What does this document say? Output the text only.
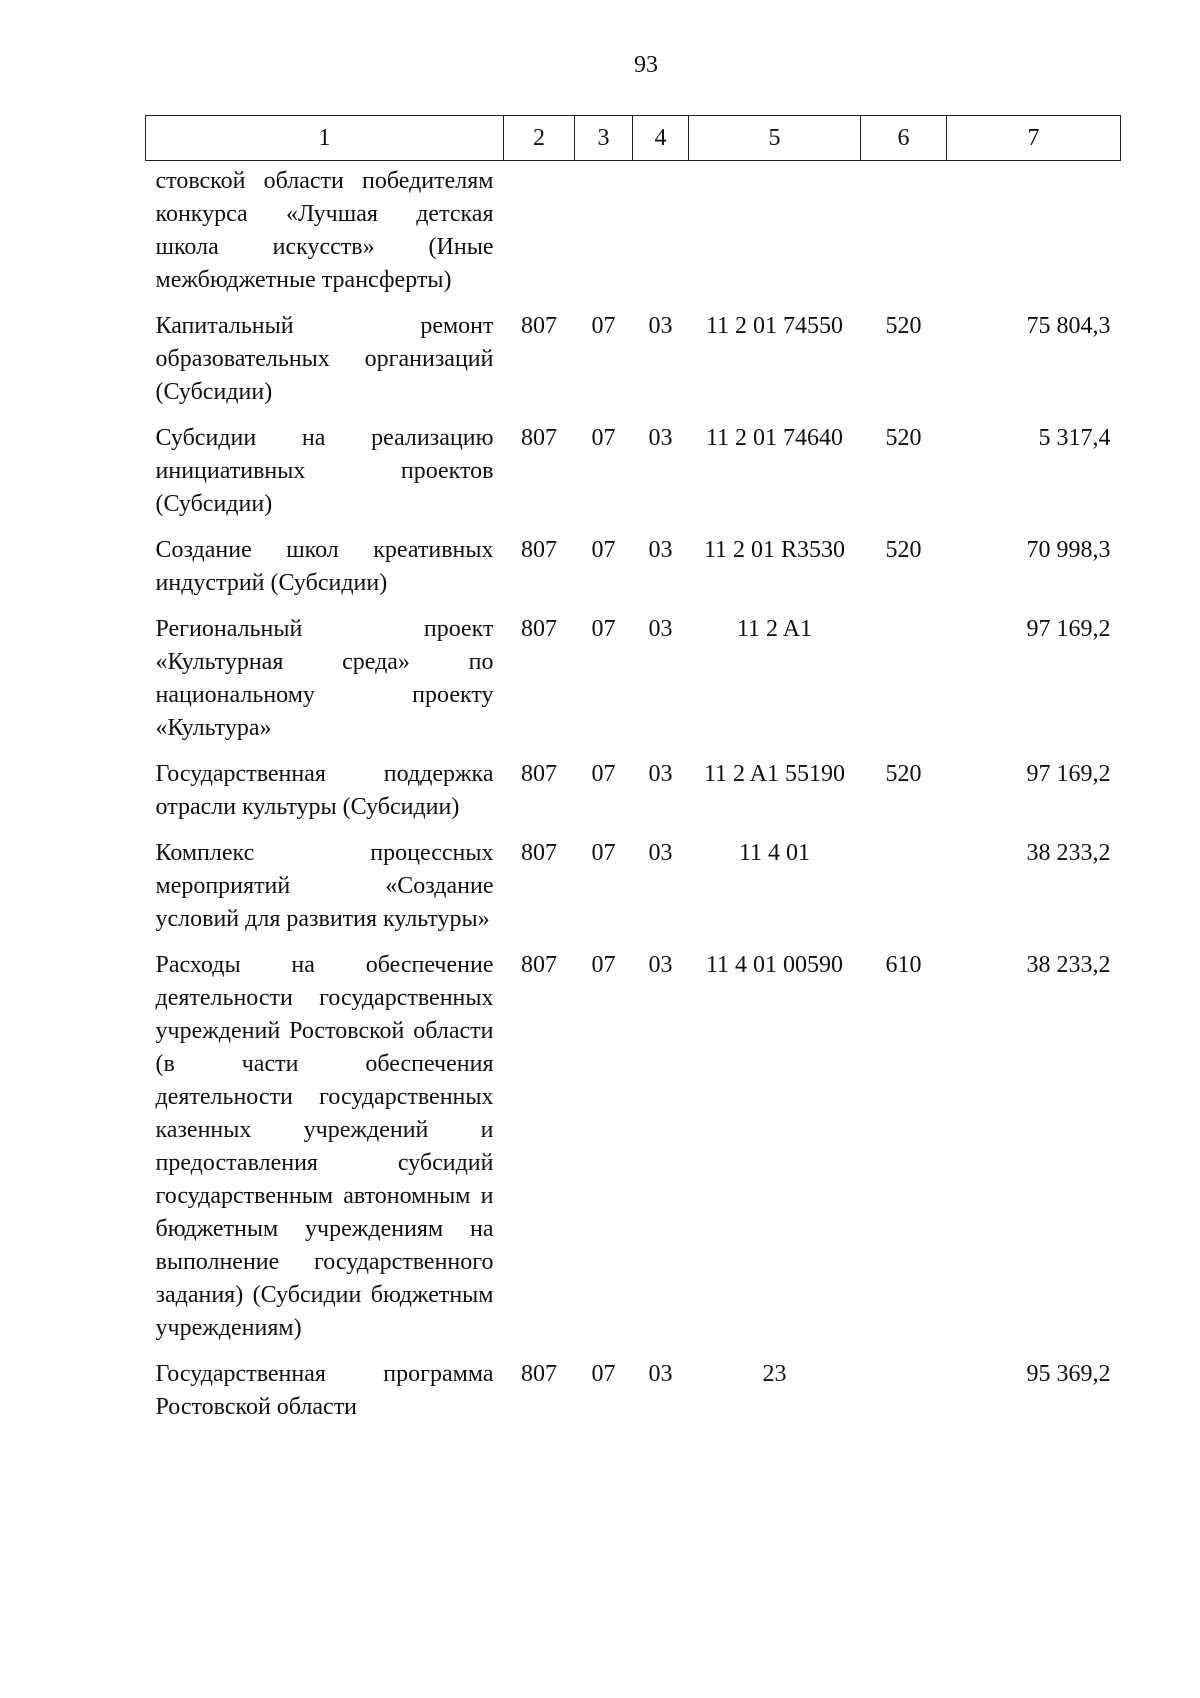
93
1	2	3	4	5	6	7
стовской области победителям конкурса «Лучшая детская школа искусств» (Иные межбюджетные трансферты)						
Капитальный ремонт образовательных организаций (Субсидии)	807	07	03	11 2 01 74550	520	75 804,3
Субсидии на реализацию инициативных проектов (Субсидии)	807	07	03	11 2 01 74640	520	5 317,4
Создание школ креативных индустрий (Субсидии)	807	07	03	11 2 01 R3530	520	70 998,3
Региональный проект «Культурная среда» по национальному проекту «Культура»	807	07	03	11 2 A1		97 169,2
Государственная поддержка отрасли культуры (Субсидии)	807	07	03	11 2 A1 55190	520	97 169,2
Комплекс процессных мероприятий «Создание условий для развития культуры»	807	07	03	11 4 01		38 233,2
Расходы на обеспечение деятельности государственных учреждений Ростовской области (в части обеспечения деятельности государственных казенных учреждений и предоставления субсидий государственным автономным и бюджетным учреждениям на выполнение государственного задания) (Субсидии бюджетным учреждениям)	807	07	03	11 4 01 00590	610	38 233,2
Государственная программа Ростовской области	807	07	03	23		95 369,2
